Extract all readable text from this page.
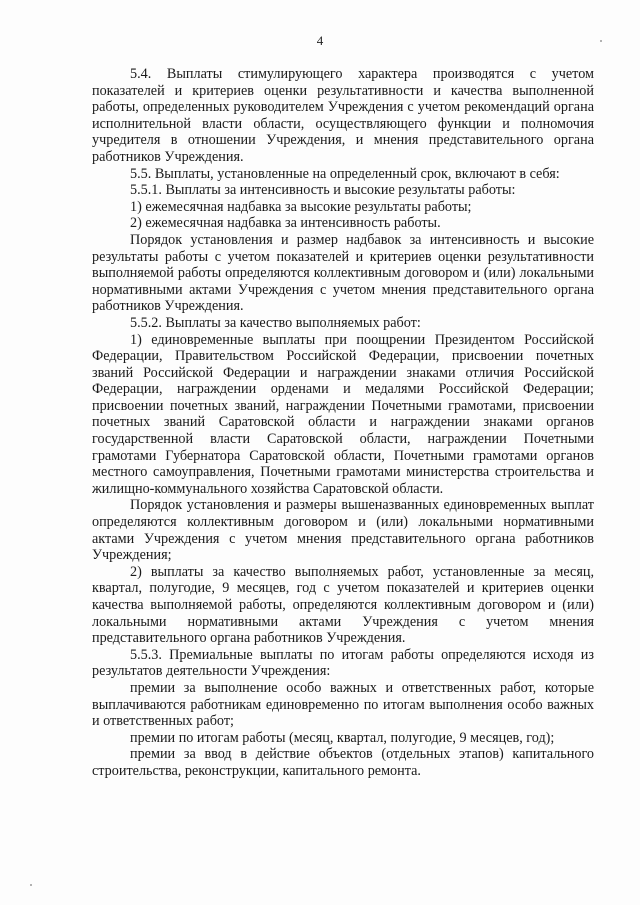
4

5.4. Выплаты стимулирующего характера производятся с учетом показателей и критериев оценки результативности и качества выполненной работы, определенных руководителем Учреждения с учетом рекомендаций органа исполнительной власти области, осуществляющего функции и полномочия учредителя в отношении Учреждения, и мнения представительного органа работников Учреждения.

5.5. Выплаты, установленные на определенный срок, включают в себя:

5.5.1. Выплаты за интенсивность и высокие результаты работы:

1) ежемесячная надбавка за высокие результаты работы;

2) ежемесячная надбавка за интенсивность работы.

Порядок установления и размер надбавок за интенсивность и высокие результаты работы с учетом показателей и критериев оценки результативности выполняемой работы определяются коллективным договором и (или) локальными нормативными актами Учреждения с учетом мнения представительного органа работников Учреждения.

5.5.2. Выплаты за качество выполняемых работ:

1) единовременные выплаты при поощрении Президентом Российской Федерации, Правительством Российской Федерации, присвоении почетных званий Российской Федерации и награждении знаками отличия Российской Федерации, награждении орденами и медалями Российской Федерации; присвоении почетных званий, награждении Почетными грамотами, присвоении почетных званий Саратовской области и награждении знаками органов государственной власти Саратовской области, награждении Почетными грамотами Губернатора Саратовской области, Почетными грамотами органов местного самоуправления, Почетными грамотами министерства строительства и жилищно-коммунального хозяйства Саратовской области.

Порядок установления и размеры вышеназванных единовременных выплат определяются коллективным договором и (или) локальными нормативными актами Учреждения с учетом мнения представительного органа работников Учреждения;

2) выплаты за качество выполняемых работ, установленные за месяц, квартал, полугодие, 9 месяцев, год с учетом показателей и критериев оценки качества выполняемой работы, определяются коллективным договором и (или) локальными нормативными актами Учреждения с учетом мнения представительного органа работников Учреждения.

5.5.3. Премиальные выплаты по итогам работы определяются исходя из результатов деятельности Учреждения:

премии за выполнение особо важных и ответственных работ, которые выплачиваются работникам единовременно по итогам выполнения особо важных и ответственных работ;

премии по итогам работы (месяц, квартал, полугодие, 9 месяцев, год);

премии за ввод в действие объектов (отдельных этапов) капитального строительства, реконструкции, капитального ремонта.
